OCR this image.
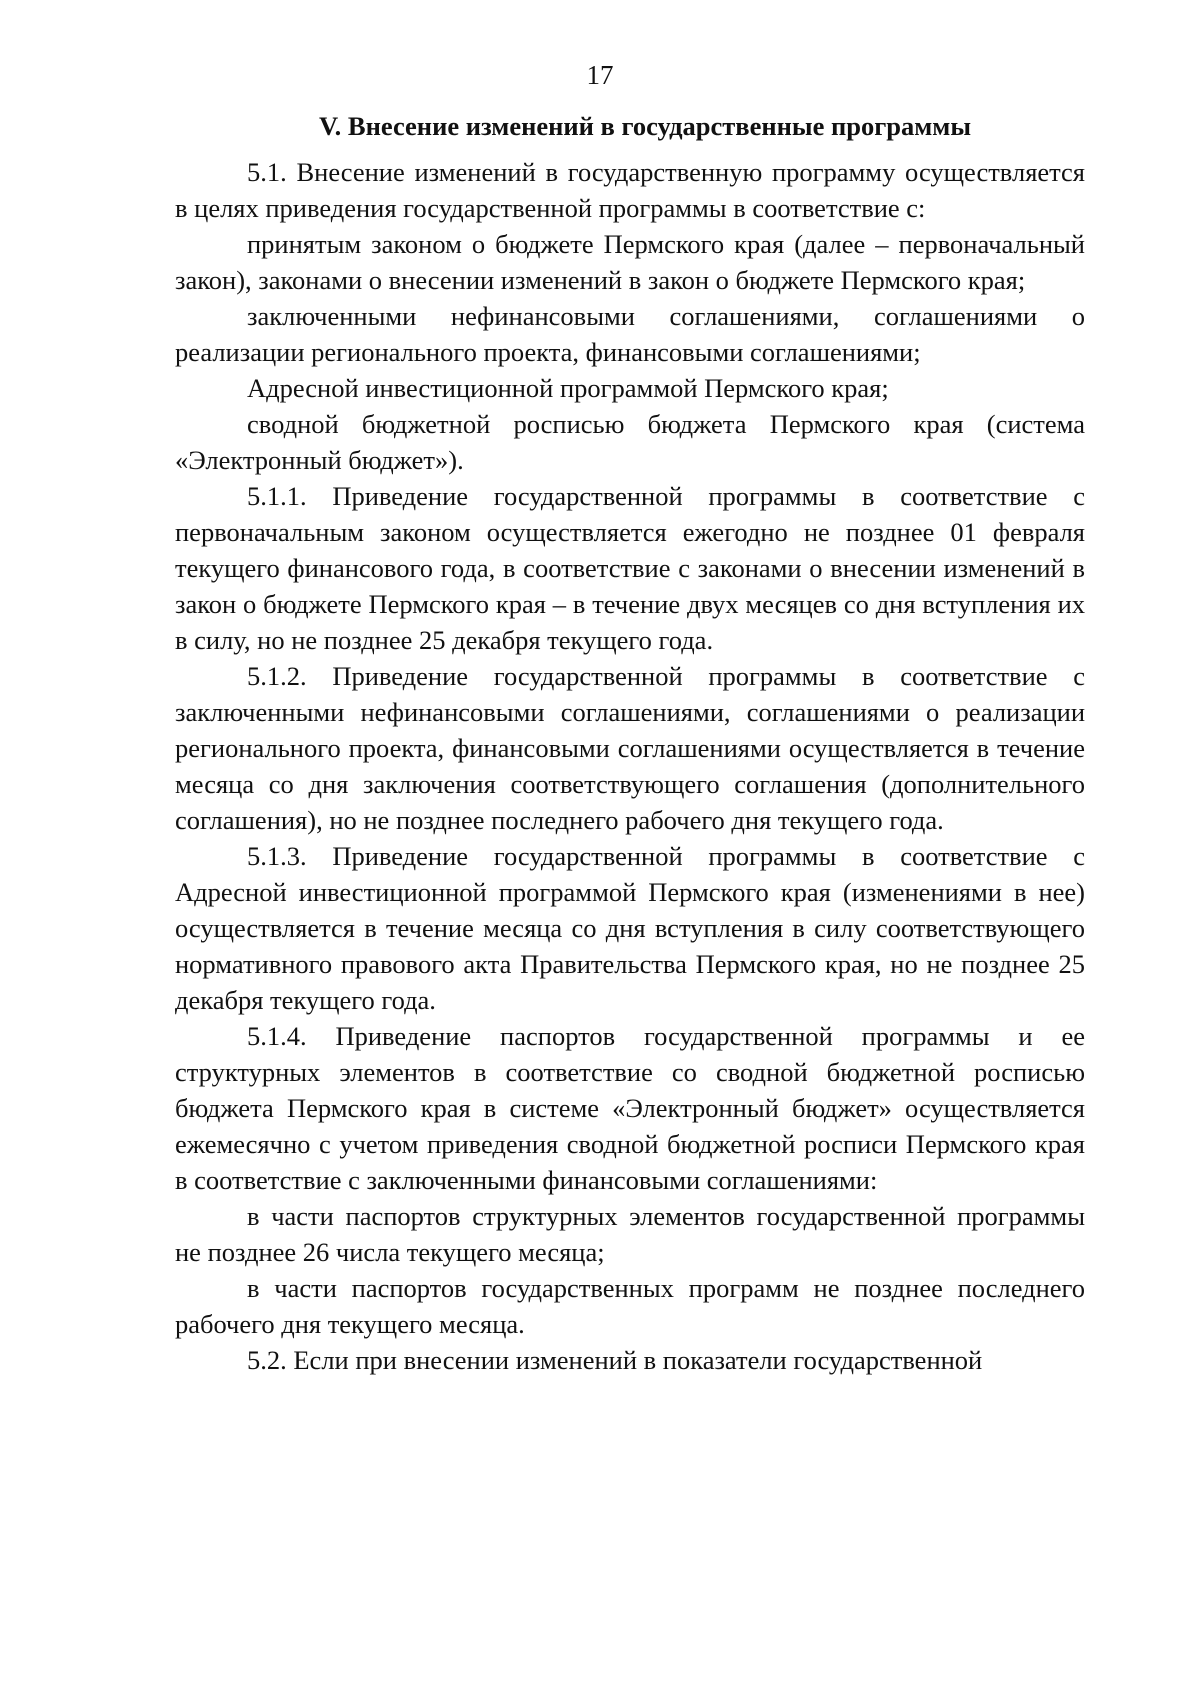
17
V. Внесение изменений в государственные программы

5.1. Внесение изменений в государственную программу осуществляется в целях приведения государственной программы в соответствие с:

принятым законом о бюджете Пермского края (далее – первоначальный закон), законами о внесении изменений в закон о бюджете Пермского края;

заключенными нефинансовыми соглашениями, соглашениями о реализации регионального проекта, финансовыми соглашениями;

Адресной инвестиционной программой Пермского края;

сводной бюджетной росписью бюджета Пермского края (система «Электронный бюджет»).

5.1.1. Приведение государственной программы в соответствие с первоначальным законом осуществляется ежегодно не позднее 01 февраля текущего финансового года, в соответствие с законами о внесении изменений в закон о бюджете Пермского края – в течение двух месяцев со дня вступления их в силу, но не позднее 25 декабря текущего года.

5.1.2. Приведение государственной программы в соответствие с заключенными нефинансовыми соглашениями, соглашениями о реализации регионального проекта, финансовыми соглашениями осуществляется в течение месяца со дня заключения соответствующего соглашения (дополнительного соглашения), но не позднее последнего рабочего дня текущего года.

5.1.3. Приведение государственной программы в соответствие с Адресной инвестиционной программой Пермского края (изменениями в нее) осуществляется в течение месяца со дня вступления в силу соответствующего нормативного правового акта Правительства Пермского края, но не позднее 25 декабря текущего года.

5.1.4. Приведение паспортов государственной программы и ее структурных элементов в соответствие со сводной бюджетной росписью бюджета Пермского края в системе «Электронный бюджет» осуществляется ежемесячно с учетом приведения сводной бюджетной росписи Пермского края в соответствие с заключенными финансовыми соглашениями:

в части паспортов структурных элементов государственной программы не позднее 26 числа текущего месяца;

в части паспортов государственных программ не позднее последнего рабочего дня текущего месяца.

5.2. Если при внесении изменений в показатели государственной
